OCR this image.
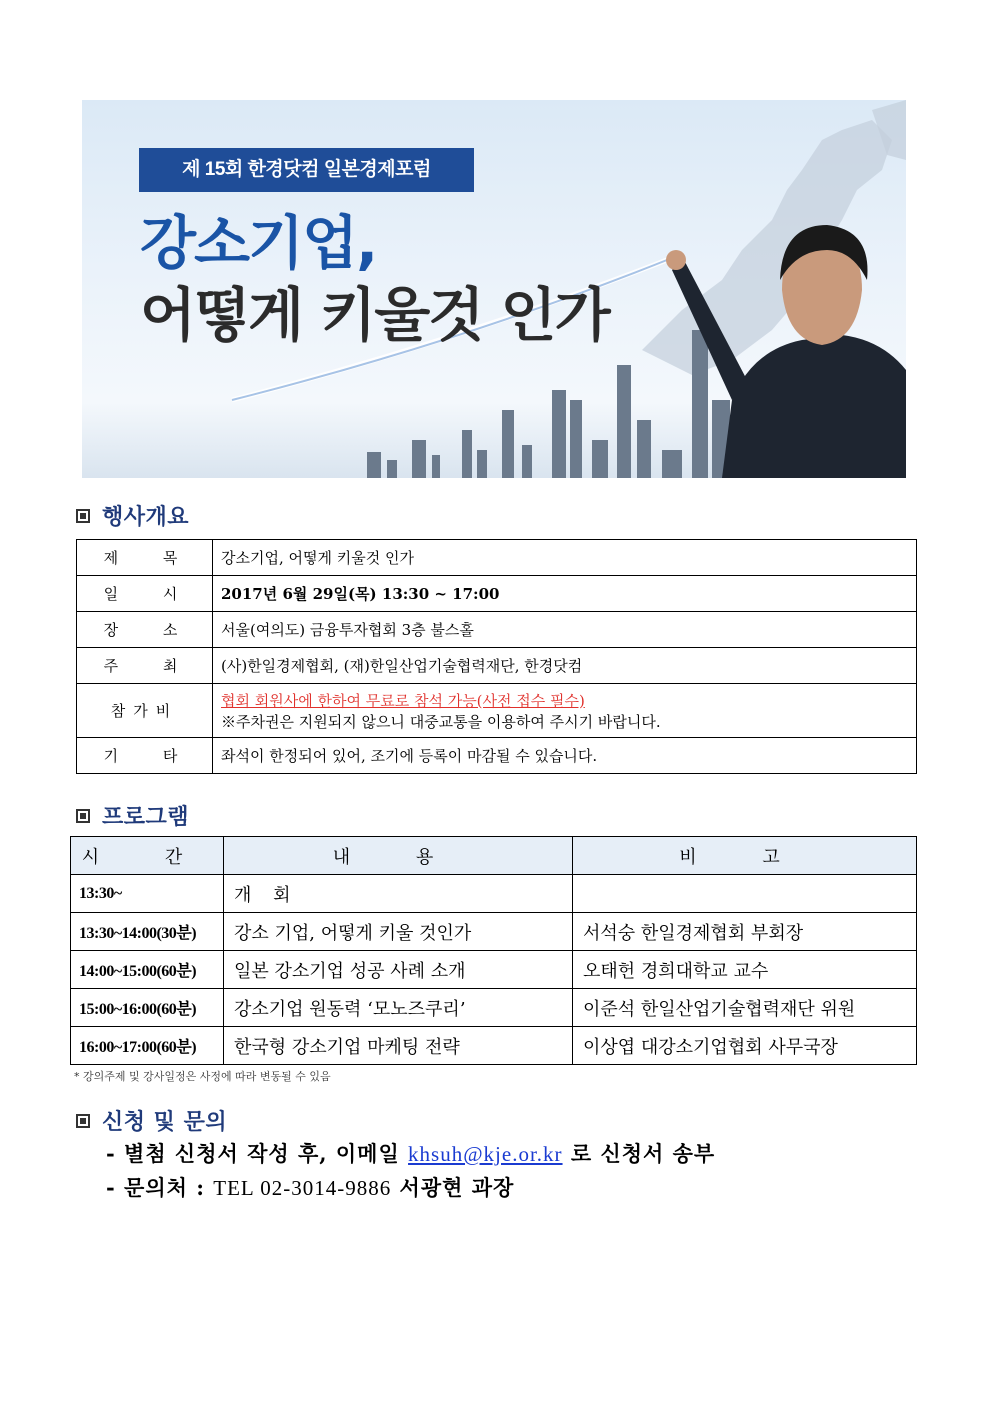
제 15회 한경닷컴 일본경제포럼
강소기업,
어떻게 키울것 인가
행사개요
제 목	강소기업, 어떻게 키울것 인가
일 시	2017년 6월 29일(목) 13:30 ~ 17:00
장 소	서울(여의도) 금융투자협회 3층 불스홀
주 최	(사)한일경제협회, (재)한일산업기술협력재단, 한경닷컴
참가비	협회 회원사에 한하여 무료로 참석 가능(사전 접수 필수)
※주차권은 지원되지 않으니 대중교통을 이용하여 주시기 바랍니다.

기 타	좌석이 한정되어 있어, 조기에 등록이 마감될 수 있습니다.
프로그램
시 간	내 용	비 고
13:30~	개 회	
13:30~14:00(30분)	강소 기업, 어떻게 키울 것인가	서석숭 한일경제협회 부회장
14:00~15:00(60분)	일본 강소기업 성공 사례 소개	오태헌 경희대학교 교수
15:00~16:00(60분)	강소기업 원동력 ‘모노즈쿠리’	이준석 한일산업기술협력재단 위원
16:00~17:00(60분)	한국형 강소기업 마케팅 전략	이상엽 대강소기업협회 사무국장
* 강의주제 및 강사일정은 사정에 따라 변동될 수 있음
신청 및 문의
- 별첨 신청서 작성 후, 이메일 khsuh@kje.or.kr 로 신청서 송부
- 문의처 : TEL 02-3014-9886 서광현 과장
